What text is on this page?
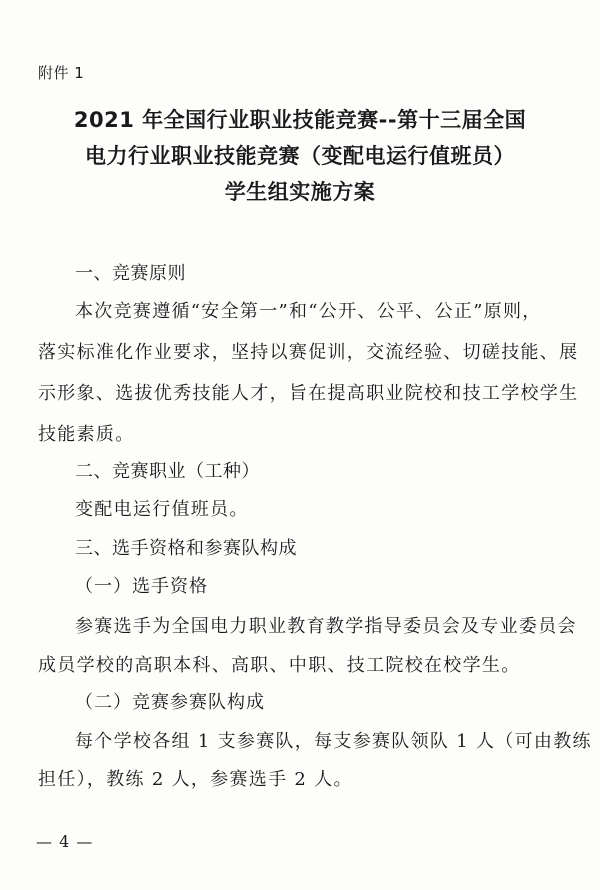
附件 1
2021 年全国行业职业技能竞赛--第十三届全国
电力行业职业技能竞赛（变配电运行值班员）
学生组实施方案
一、竞赛原则
本次竞赛遵循“安全第一”和“公开、公平、公正”原则，
落实标准化作业要求，坚持以赛促训，交流经验、切磋技能、展
示形象、选拔优秀技能人才，旨在提高职业院校和技工学校学生
技能素质。
二、竞赛职业（工种）
变配电运行值班员。
三、选手资格和参赛队构成
（一）选手资格
参赛选手为全国电力职业教育教学指导委员会及专业委员会
成员学校的高职本科、高职、中职、技工院校在校学生。
（二）竞赛参赛队构成
每个学校各组 1 支参赛队，每支参赛队领队 1 人（可由教练
担任），教练 2 人，参赛选手 2 人。
— 4 —
